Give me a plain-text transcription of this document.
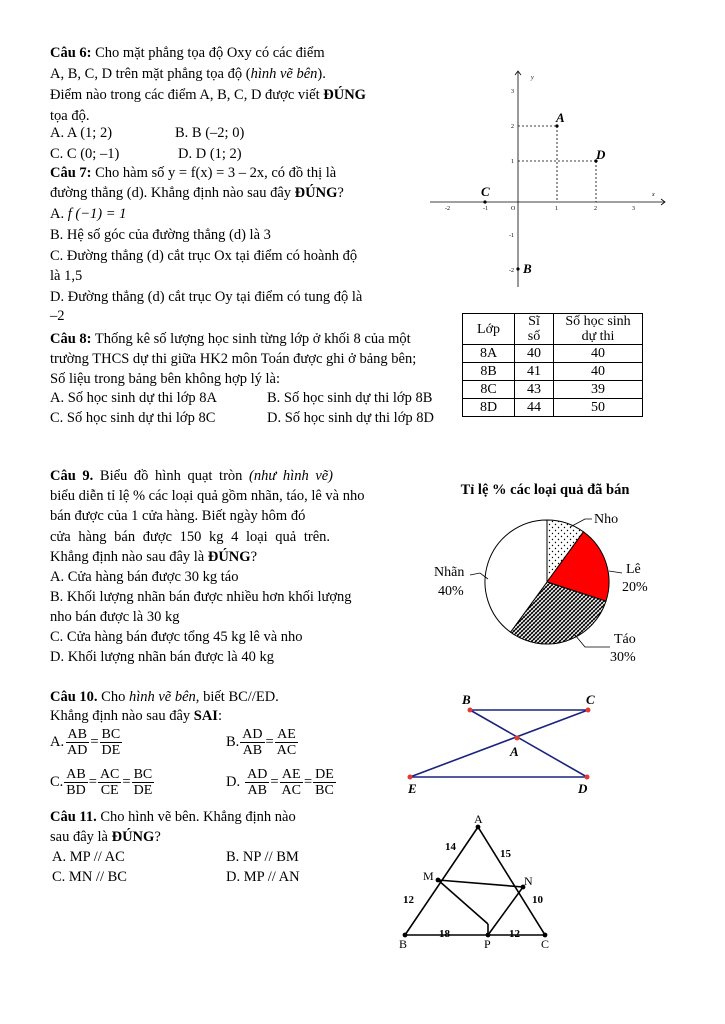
Câu 6: Cho mặt phẳng tọa độ Oxy có các điểm
A, B, C, D trên mặt phẳng tọa độ (hình vẽ bên).
Điểm nào trong các điểm A, B, C, D được viết ĐÚNG
tọa độ.
A. A (1; 2)	B. B (–2; 0)
C. C (0; –1)	D. D (1; 2)
Câu 7: Cho hàm số y = f(x) = 3 – 2x, có đồ thị là
đường thẳng (d). Khẳng định nào sau đây ĐÚNG?
A. f (−1) = 1
B. Hệ số góc của đường thẳng (d) là 3
C. Đường thẳng (d) cắt trục Ox tại điểm có hoành độ
là 1,5
D. Đường thẳng (d) cắt trục Oy tại điểm có tung độ là
–2
y
x
O
-2	-1	1	2	3
3
2
1
-1
-2
A
D
C
B
Câu 8: Thống kê số lượng học sinh từng lớp ở khối 8 của một
trường THCS dự thi giữa HK2 môn Toán được ghi ở bảng bên;
Số liệu trong bảng bên không hợp lý là:
A. Số học sinh dự thi lớp 8A	B. Số học sinh dự thi lớp 8B
C. Số học sinh dự thi lớp 8C	D. Số học sinh dự thi lớp 8D
Lớp	Sĩ
số	Số học sinh
dự thi
8A	40	40
8B	41	40
8C	43	39
8D	44	50
Câu 9. Biểu đồ hình quạt tròn (như hình vẽ)
biểu diễn tỉ lệ % các loại quả gồm nhãn, táo, lê và nho
bán được của 1 cửa hàng. Biết ngày hôm đó
cửa hàng bán được 150 kg 4 loại quả trên.
Khẳng định nào sau đây là ĐÚNG?
A. Cửa hàng bán được 30 kg táo
B. Khối lượng nhãn bán được nhiều hơn khối lượng
nho bán được là 30 kg
C. Cửa hàng bán được tổng 45 kg lê và nho
D. Khối lượng nhãn bán được là 40 kg
Tỉ lệ % các loại quả đã bán
Nho
Lê
20%
Táo
30%
Nhãn
40%
Câu 10. Cho hình vẽ bên, biết BC//ED.
Khẳng định nào sau đây SAI:
A. $\frac{AB}{AD} = \frac{BC}{DE}$	B. $\frac{AD}{AB} = \frac{AE}{AC}$
C. $\frac{AB}{BD} = \frac{AC}{CE} = \frac{BC}{DE}$	D. $\frac{AD}{AB} = \frac{AE}{AC} = \frac{DE}{BC}$
B	C
A
E	D
Câu 11. Cho hình vẽ bên. Khẳng định nào
sau đây là ĐÚNG?
A. MP // AC	B. NP // BM
C. MN // BC	D. MP // AN
A
B	C
M	N
P
14
15
12	10
18	12
